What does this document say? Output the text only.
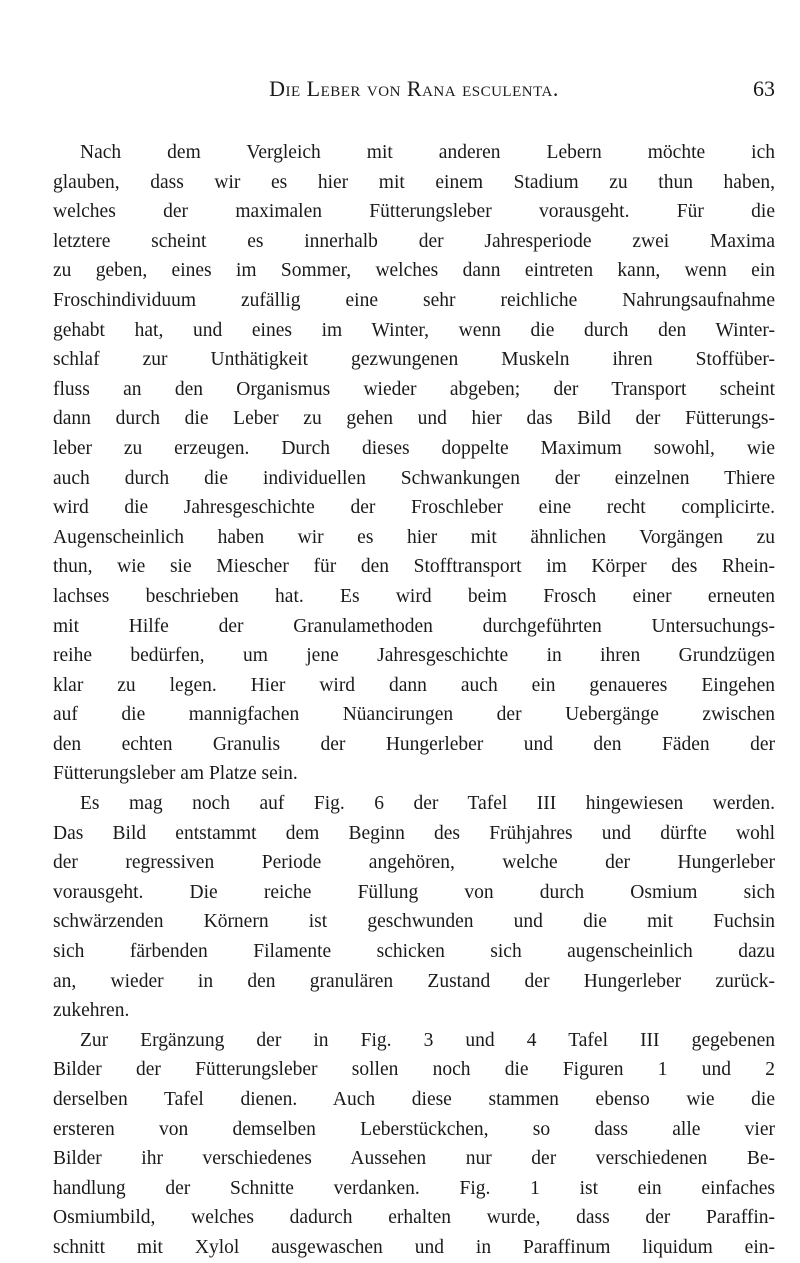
Die Leber von Rana esculenta.	63
Nach dem Vergleich mit anderen Lebern möchte ich
glauben, dass wir es hier mit einem Stadium zu thun haben,
welches der maximalen Fütterungsleber vorausgeht. Für die
letztere scheint es innerhalb der Jahresperiode zwei Maxima
zu geben, eines im Sommer, welches dann eintreten kann, wenn ein
Froschindividuum zufällig eine sehr reichliche Nahrungsaufnahme
gehabt hat, und eines im Winter, wenn die durch den Winter-
schlaf zur Unthätigkeit gezwungenen Muskeln ihren Stoffüber-
fluss an den Organismus wieder abgeben; der Transport scheint
dann durch die Leber zu gehen und hier das Bild der Fütterungs-
leber zu erzeugen. Durch dieses doppelte Maximum sowohl, wie
auch durch die individuellen Schwankungen der einzelnen Thiere
wird die Jahresgeschichte der Froschleber eine recht complicirte.
Augenscheinlich haben wir es hier mit ähnlichen Vorgängen zu
thun, wie sie Miescher für den Stofftransport im Körper des Rhein-
lachses beschrieben hat. Es wird beim Frosch einer erneuten
mit Hilfe der Granulamethoden durchgeführten Untersuchungs-
reihe bedürfen, um jene Jahresgeschichte in ihren Grundzügen
klar zu legen. Hier wird dann auch ein genaueres Eingehen
auf die mannigfachen Nüancirungen der Uebergänge zwischen
den echten Granulis der Hungerleber und den Fäden der
Fütterungsleber am Platze sein.
Es mag noch auf Fig. 6 der Tafel III hingewiesen werden.
Das Bild entstammt dem Beginn des Frühjahres und dürfte wohl
der regressiven Periode angehören, welche der Hungerleber
vorausgeht. Die reiche Füllung von durch Osmium sich
schwärzenden Körnern ist geschwunden und die mit Fuchsin
sich färbenden Filamente schicken sich augenscheinlich dazu
an, wieder in den granulären Zustand der Hungerleber zurück-
zukehren.
Zur Ergänzung der in Fig. 3 und 4 Tafel III gegebenen
Bilder der Fütterungsleber sollen noch die Figuren 1 und 2
derselben Tafel dienen. Auch diese stammen ebenso wie die
ersteren von demselben Leberstückchen, so dass alle vier
Bilder ihr verschiedenes Aussehen nur der verschiedenen Be-
handlung der Schnitte verdanken. Fig. 1 ist ein einfaches
Osmiumbild, welches dadurch erhalten wurde, dass der Paraffin-
schnitt mit Xylol ausgewaschen und in Paraffinum liquidum ein-
